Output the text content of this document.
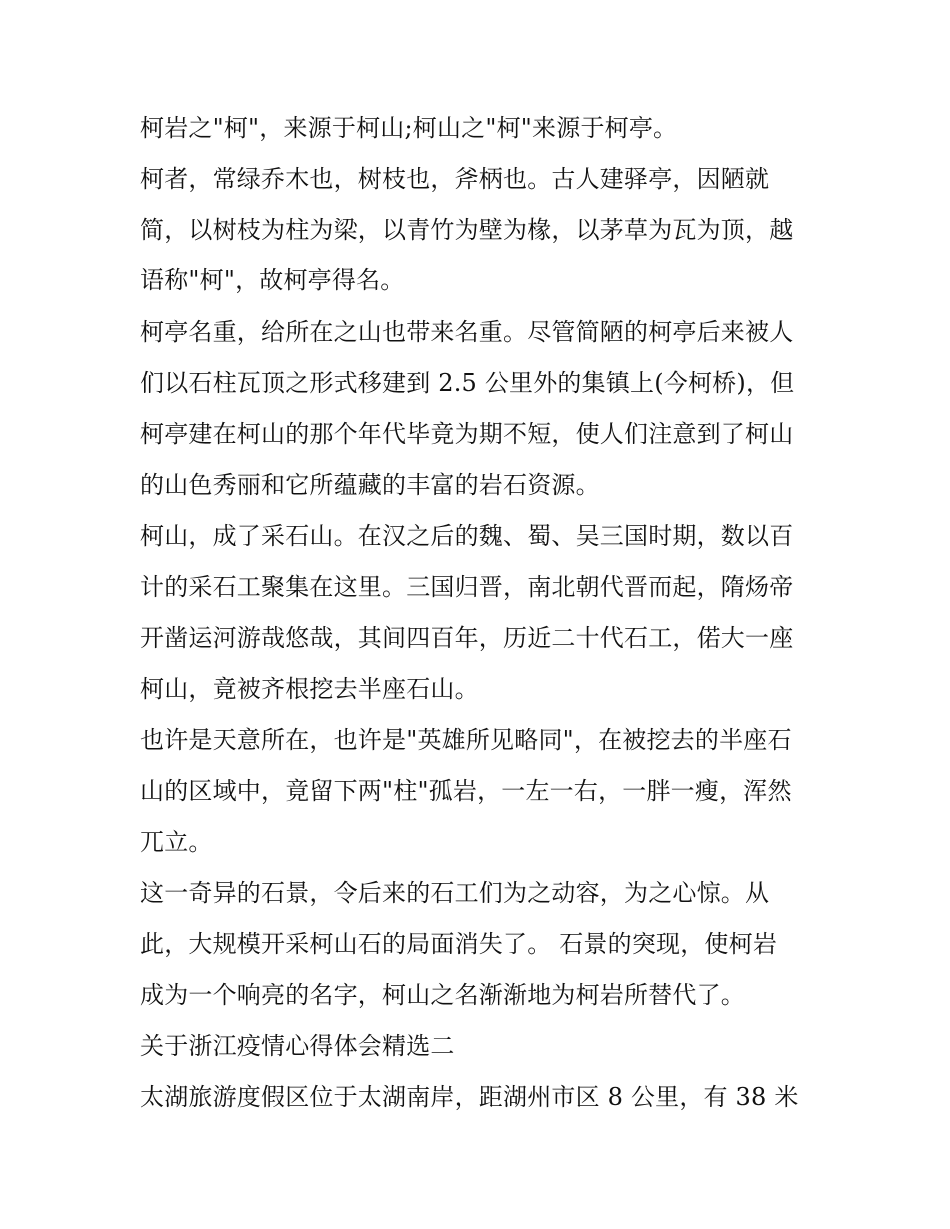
柯岩之"柯"，来源于柯山;柯山之"柯"来源于柯亭。
柯者，常绿乔木也，树枝也，斧柄也。古人建驿亭，因陋就
简，以树枝为柱为梁，以青竹为壁为椽，以茅草为瓦为顶，越
语称"柯"，故柯亭得名。
柯亭名重，给所在之山也带来名重。尽管简陋的柯亭后来被人
们以石柱瓦顶之形式移建到 2.5 公里外的集镇上(今柯桥)，但
柯亭建在柯山的那个年代毕竟为期不短，使人们注意到了柯山
的山色秀丽和它所蕴藏的丰富的岩石资源。
柯山，成了采石山。在汉之后的魏、蜀、吴三国时期，数以百
计的采石工聚集在这里。三国归晋，南北朝代晋而起，隋炀帝
开凿运河游哉悠哉，其间四百年，历近二十代石工，偌大一座
柯山，竟被齐根挖去半座石山。
也许是天意所在，也许是"英雄所见略同"，在被挖去的半座石
山的区域中，竟留下两"柱"孤岩，一左一右，一胖一瘦，浑然
兀立。
这一奇异的石景，令后来的石工们为之动容，为之心惊。从
此，大规模开采柯山石的局面消失了。 石景的突现，使柯岩
成为一个响亮的名字，柯山之名渐渐地为柯岩所替代了。
关于浙江疫情心得体会精选二
太湖旅游度假区位于太湖南岸，距湖州市区 8 公里，有 38 米
